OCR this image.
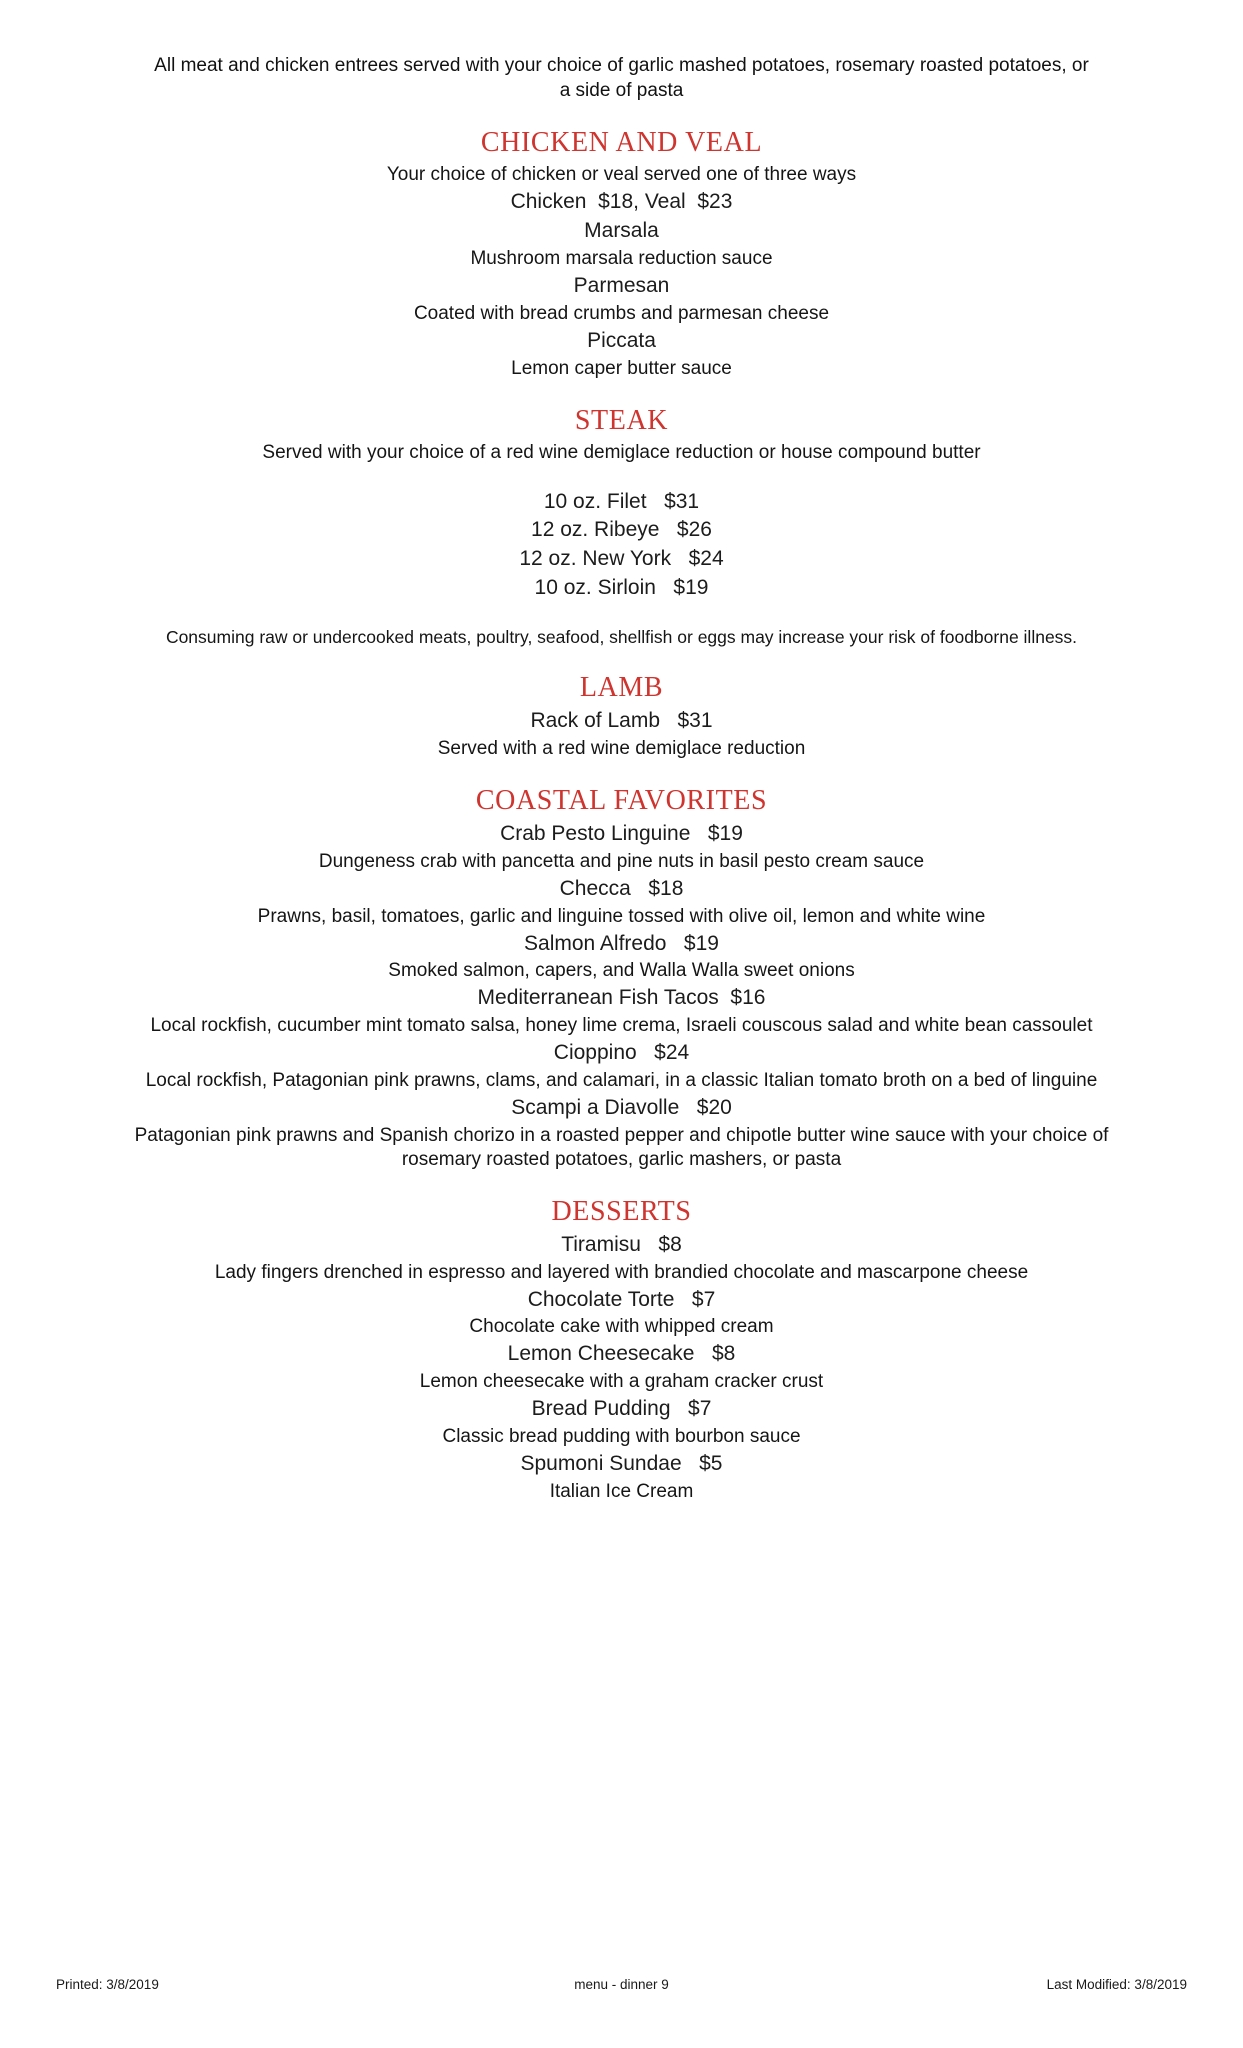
All meat and chicken entrees served with your choice of garlic mashed potatoes, rosemary roasted potatoes, or a side of pasta

CHICKEN AND VEAL

Your choice of chicken or veal served one of three ways

Chicken  $18, Veal  $23

Marsala

Mushroom marsala reduction sauce

Parmesan

Coated with bread crumbs and parmesan cheese

Piccata

Lemon caper butter sauce

STEAK

Served with your choice of a red wine demiglace reduction or house compound butter

10 oz. Filet   $31

12 oz. Ribeye   $26

12 oz. New York   $24

10 oz. Sirloin   $19

Consuming raw or undercooked meats, poultry, seafood, shellfish or eggs may increase your risk of foodborne illness.

LAMB

Rack of Lamb   $31

Served with a red wine demiglace reduction

COASTAL FAVORITES

Crab Pesto Linguine   $19

Dungeness crab with pancetta and pine nuts in basil pesto cream sauce

Checca   $18

Prawns, basil, tomatoes, garlic and linguine tossed with olive oil, lemon and white wine

Salmon Alfredo   $19

Smoked salmon, capers, and Walla Walla sweet onions

Mediterranean Fish Tacos  $16

Local rockfish, cucumber mint tomato salsa, honey lime crema, Israeli couscous salad and white bean cassoulet

Cioppino   $24

Local rockfish, Patagonian pink prawns, clams, and calamari, in a classic Italian tomato broth on a bed of linguine

Scampi a Diavolle   $20

Patagonian pink prawns and Spanish chorizo in a roasted pepper and chipotle butter wine sauce with your choice of rosemary roasted potatoes, garlic mashers, or pasta

DESSERTS

Tiramisu   $8

Lady fingers drenched in espresso and layered with brandied chocolate and mascarpone cheese

Chocolate Torte   $7

Chocolate cake with whipped cream

Lemon Cheesecake   $8

Lemon cheesecake with a graham cracker crust

Bread Pudding   $7

Classic bread pudding with bourbon sauce

Spumoni Sundae   $5

Italian Ice Cream

Printed: 3/8/2019	menu - dinner 9	Last Modified: 3/8/2019
